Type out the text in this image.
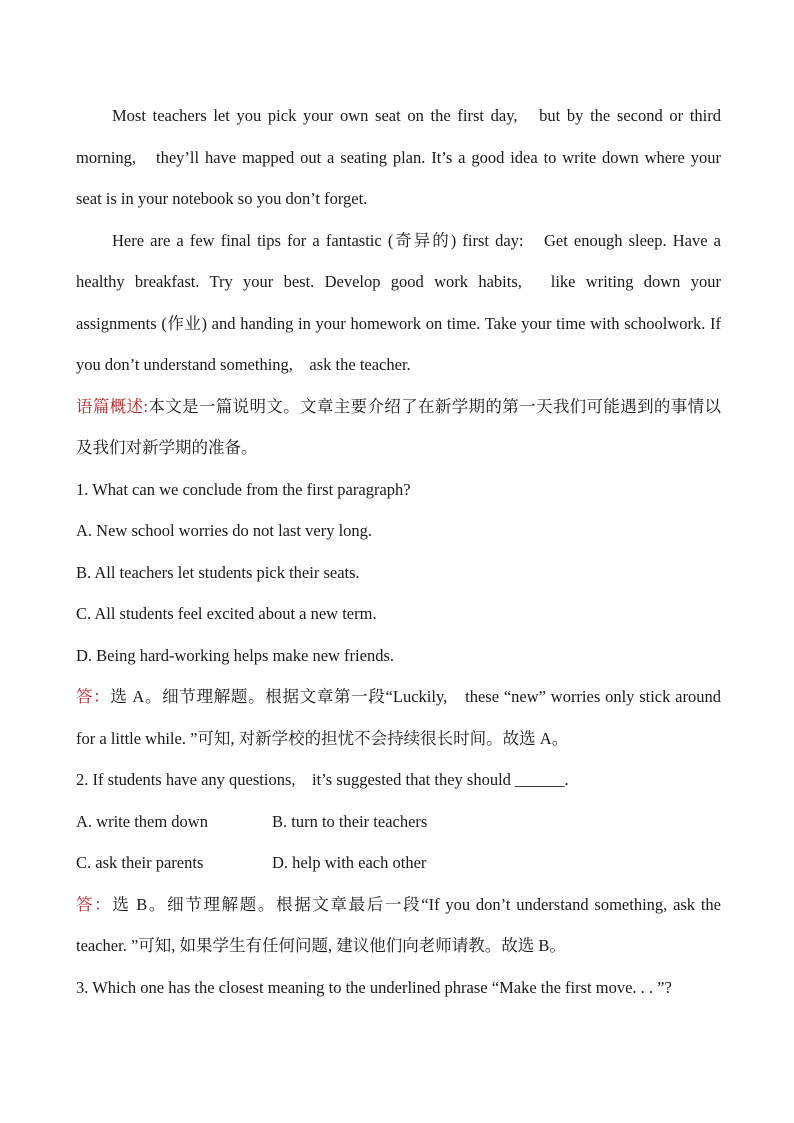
Most teachers let you pick your own seat on the first day,　but by the second or third morning,　they’ll have mapped out a seating plan. It’s a good idea to write down where your seat is in your notebook so you don’t forget.

Here are a few final tips for a fantastic (奇异的) first day:　Get enough sleep. Have a healthy breakfast. Try your best. Develop good work habits,　like writing down your assignments (作业) and handing in your homework on time. Take your time with schoolwork. If you don’t understand something,　ask the teacher.

语篇概述:本文是一篇说明文。文章主要介绍了在新学期的第一天我们可能遇到的事情以及我们对新学期的准备。

1. What can we conclude from the first paragraph?

A. New school worries do not last very long.

B. All teachers let students pick their seats.

C. All students feel excited about a new term.

D. Being hard-working helps make new friends.

答：选 A。细节理解题。根据文章第一段“Luckily,　these “new” worries only stick around for a little while. ”可知, 对新学校的担忧不会持续很长时间。故选 A。

2. If students have any questions,　it’s suggested that they should ______.

A. write them down	B. turn to their teachers

C. ask their parents	D. help with each other

答：选 B。细节理解题。根据文章最后一段“If you don’t understand something, ask the teacher. ”可知, 如果学生有任何问题, 建议他们向老师请教。故选 B。

3. Which one has the closest meaning to the underlined phrase “Make the first move. . . ”?
